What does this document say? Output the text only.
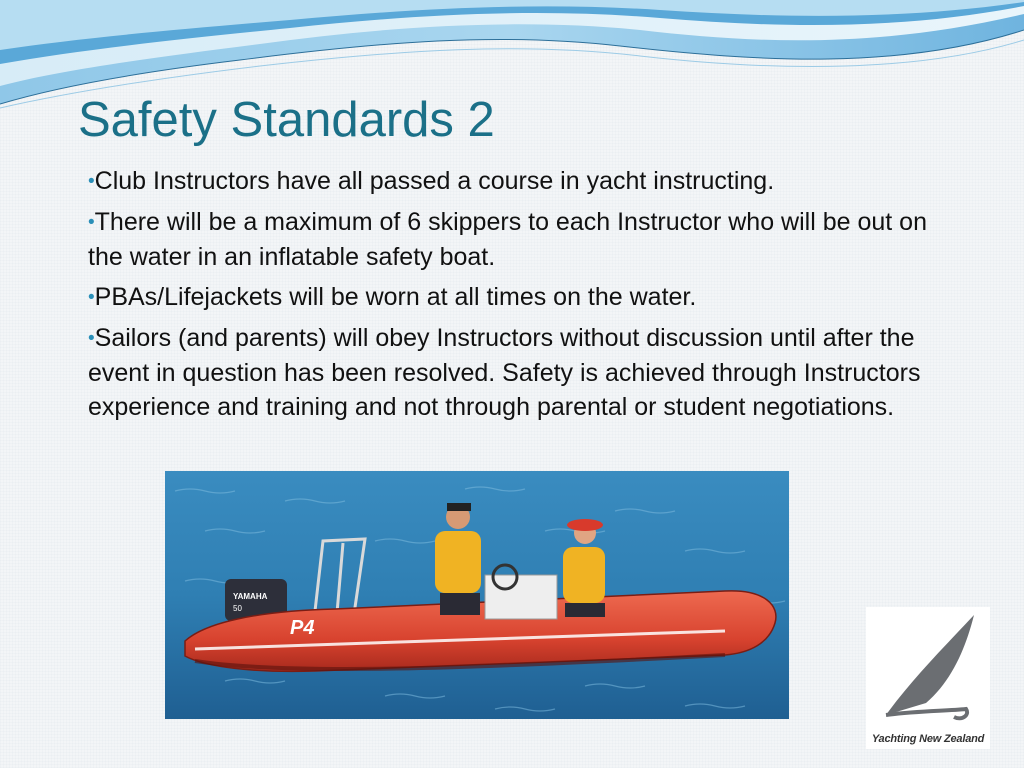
Safety Standards 2
•Club Instructors have all passed a course in yacht instructing.
•There will be a maximum of 6 skippers to each Instructor who will be out on the water in an inflatable safety boat.
•PBAs/Lifejackets will be worn at all times on the water.
•Sailors (and parents) will obey Instructors without discussion until after the event in question has been resolved. Safety is achieved through Instructors experience and training and not through parental or student negotiations.
YAMAHA
50
P4
Yachting New Zealand
